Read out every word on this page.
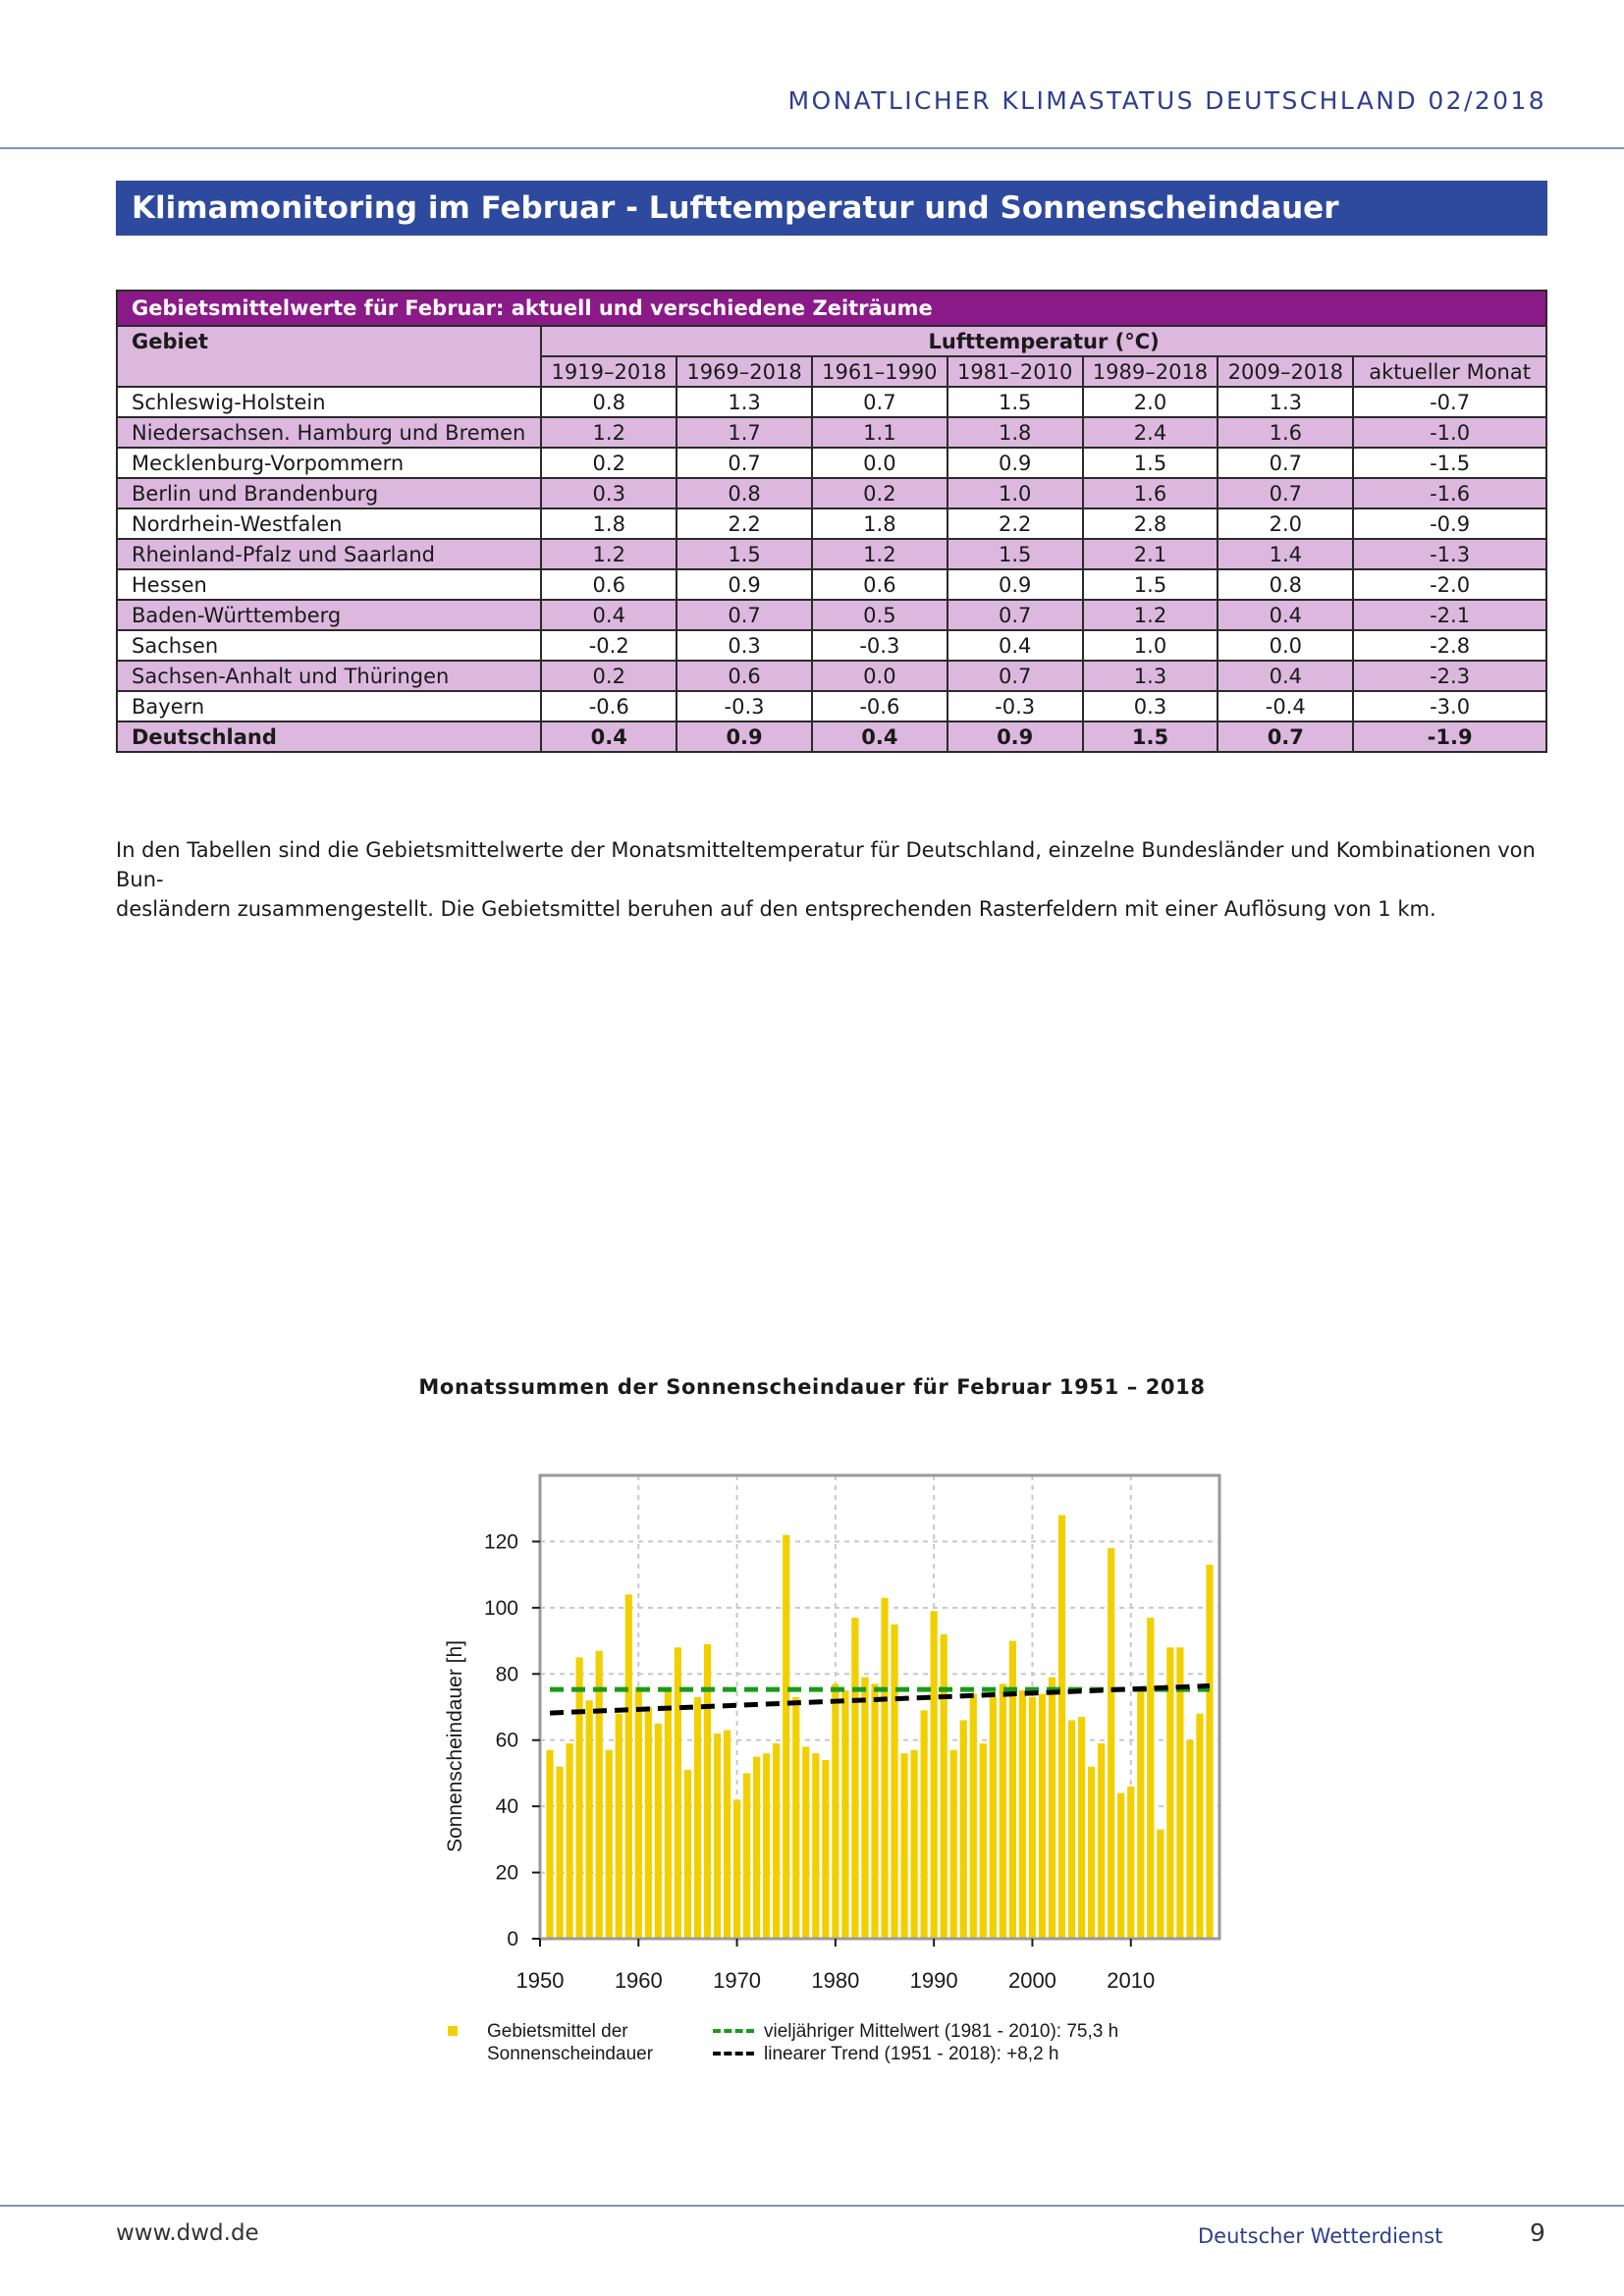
MONATLICHER KLIMASTATUS DEUTSCHLAND 02/2018
Klimamonitoring im Februar - Lufttemperatur und Sonnenscheindauer
Gebietsmittelwerte für Februar: aktuell und verschiedene Zeiträume							
Gebiet	Lufttemperatur (°C)						
	1919–2018	1969–2018	1961–1990	1981–2010	1989–2018	2009–2018	aktueller Monat
Schleswig-Holstein	0.8	1.3	0.7	1.5	2.0	1.3	-0.7
Niedersachsen. Hamburg und Bremen	1.2	1.7	1.1	1.8	2.4	1.6	-1.0
Mecklenburg-Vorpommern	0.2	0.7	0.0	0.9	1.5	0.7	-1.5
Berlin und Brandenburg	0.3	0.8	0.2	1.0	1.6	0.7	-1.6
Nordrhein-Westfalen	1.8	2.2	1.8	2.2	2.8	2.0	-0.9
Rheinland-Pfalz und Saarland	1.2	1.5	1.2	1.5	2.1	1.4	-1.3
Hessen	0.6	0.9	0.6	0.9	1.5	0.8	-2.0
Baden-Württemberg	0.4	0.7	0.5	0.7	1.2	0.4	-2.1
Sachsen	-0.2	0.3	-0.3	0.4	1.0	0.0	-2.8
Sachsen-Anhalt und Thüringen	0.2	0.6	0.0	0.7	1.3	0.4	-2.3
Bayern	-0.6	-0.3	-0.6	-0.3	0.3	-0.4	-3.0
Deutschland	0.4	0.9	0.4	0.9	1.5	0.7	-1.9

In den Tabellen sind die Gebietsmittelwerte der Monatsmitteltemperatur für Deutschland, einzelne Bundesländer und Kombinationen von Bun-

desländern zusammengestellt. Die Gebietsmittel beruhen auf den entsprechenden Rasterfeldern mit einer Auflösung von 1 km.

Monatssummen der Sonnenscheindauer für Februar 1951 – 2018
0
20
40
60
80
100
120
1950 1960 1970 1980 1990 2000 2010
Sonnenscheindauer [h]
Gebietsmittel der
Sonnenscheindauer
vieljähriger Mittelwert (1981 - 2010): 75,3 h
linearer Trend (1951 - 2018): +8,2 h
www.dwd.de	Deutscher Wetterdienst	9
